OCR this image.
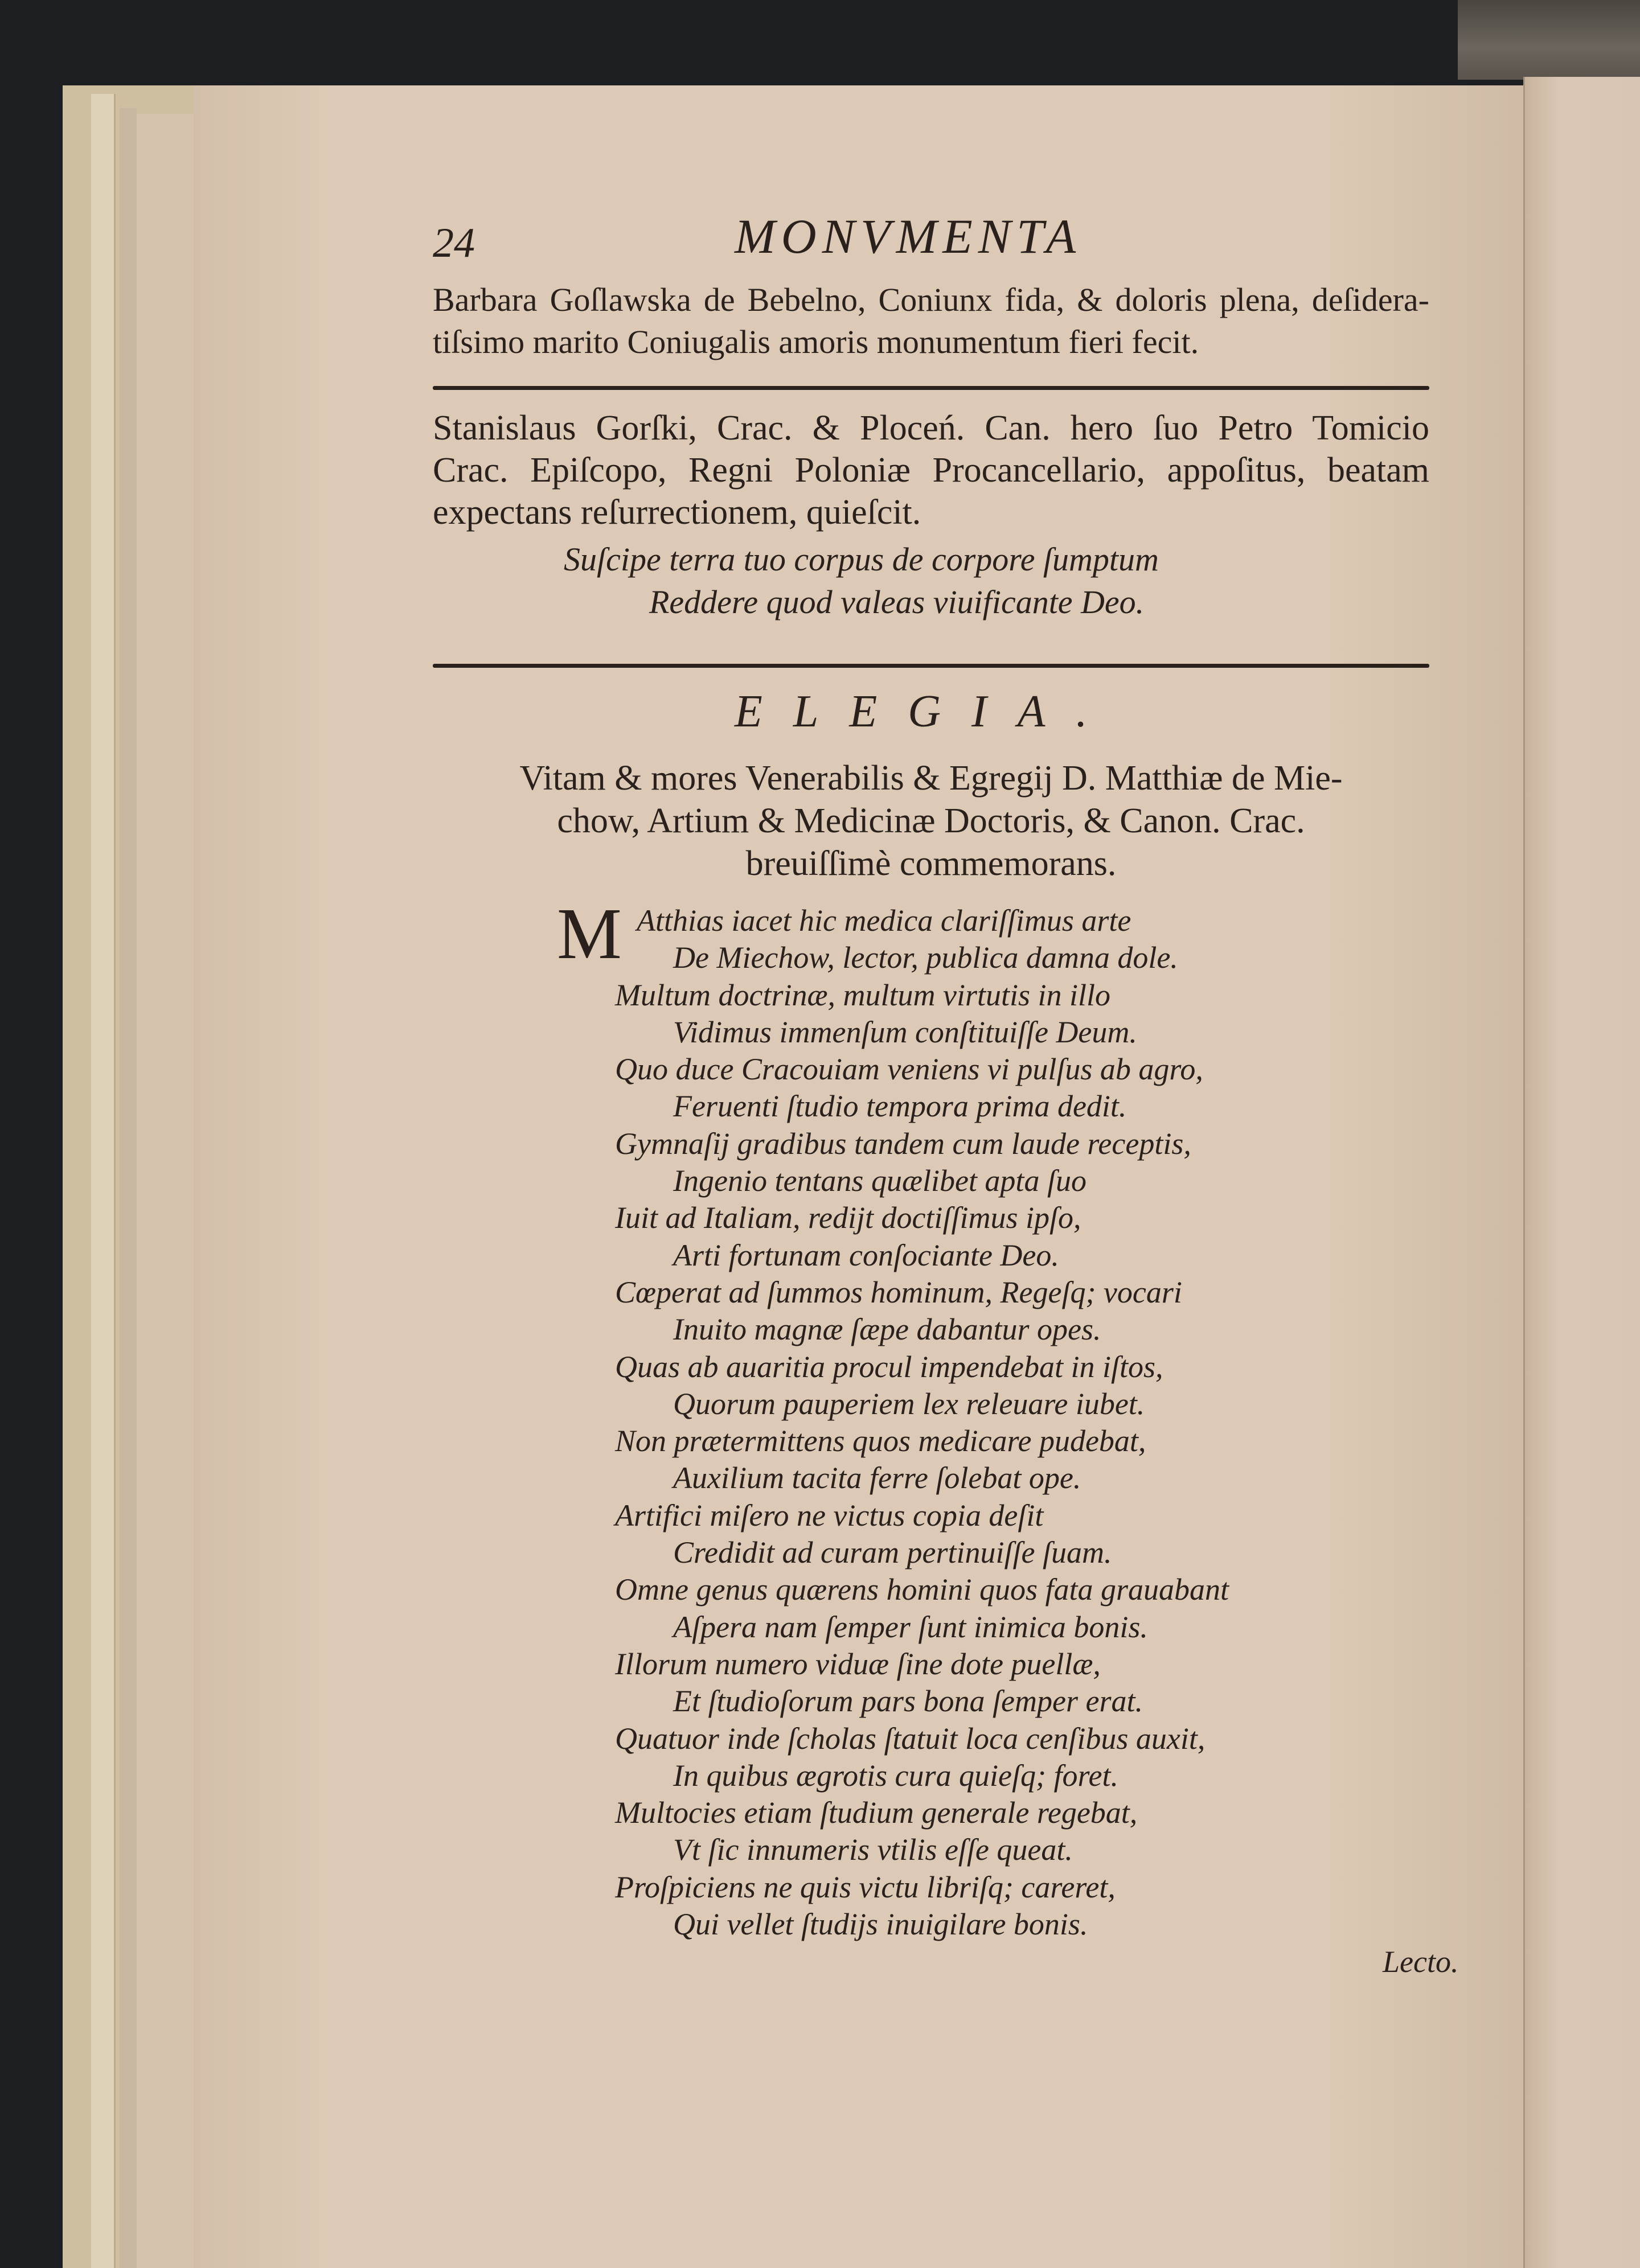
24	MONVMENTA
Barbara Goſlawska de Bebelno, Coniunx fida, & doloris plena, deſidera-
tiſsimo marito Coniugalis amoris monumentum fieri fecit.
Stanislaus Gorſki, Crac. & Ploceń. Can. hero ſuo Petro Tomicio
Crac. Epiſcopo, Regni Poloniæ Procancellario, appoſitus, beatam
expectans reſurrectionem, quieſcit.
Suſcipe terra tuo corpus de corpore ſumptum
Reddere quod valeas viuificante Deo.
ELEGIA.
Vitam & mores Venerabilis & Egregij D. Matthiæ de Mie-
chow, Artium & Medicinæ Doctoris, & Canon. Crac.
breuiſſimè commemorans.
M Atthias iacet hic medica clariſſimus arte
De Miechow, lector, publica damna dole.
Multum doctrinæ, multum virtutis in illo
Vidimus immenſum conſtituiſſe Deum.
Quo duce Cracouiam veniens vi pulſus ab agro,
Feruenti ſtudio tempora prima dedit.
Gymnaſij gradibus tandem cum laude receptis,
Ingenio tentans quælibet apta ſuo
Iuit ad Italiam, redijt doctiſſimus ipſo,
Arti fortunam conſociante Deo.
Cœperat ad ſummos hominum, Regeſq; vocari
Inuito magnæ ſæpe dabantur opes.
Quas ab auaritia procul impendebat in iſtos,
Quorum pauperiem lex releuare iubet.
Non prætermittens quos medicare pudebat,
Auxilium tacita ferre ſolebat ope.
Artifici miſero ne victus copia deſit
Credidit ad curam pertinuiſſe ſuam.
Omne genus quærens homini quos fata grauabant
Aſpera nam ſemper ſunt inimica bonis.
Illorum numero viduæ ſine dote puellæ,
Et ſtudioſorum pars bona ſemper erat.
Quatuor inde ſcholas ſtatuit loca cenſibus auxit,
In quibus ægrotis cura quieſq; foret.
Multocies etiam ſtudium generale regebat,
Vt ſic innumeris vtilis eſſe queat.
Proſpiciens ne quis victu libriſq; careret,
Qui vellet ſtudijs inuigilare bonis.
Lecto.
